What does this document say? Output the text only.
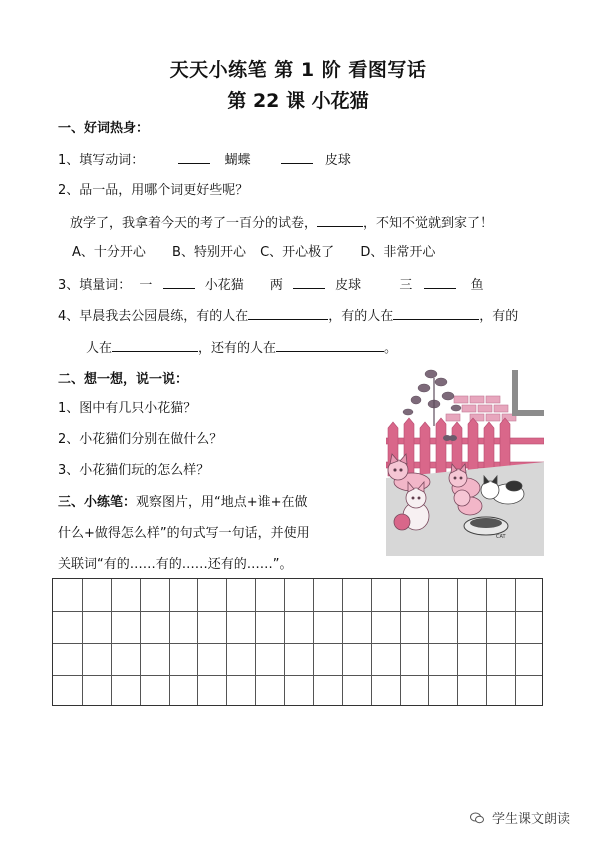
天天小练笔 第 1 阶 看图写话
第 22 课 小花猫
一、好词热身：
1、填写动词：	蝴蝶	皮球
2、品一品，用哪个词更好些呢？
放学了，我拿着今天的考了一百分的试卷，	，不知不觉就到家了！
A、十分开心 B、特别开心 C、开心极了 D、非常开心
3、填量词： 一	小花猫 两	皮球	三	鱼
4、早晨我去公园晨练，有的人在	，有的人在	，有的
人在	，还有的人在	。
二、想一想，说一说：
1、图中有几只小花猫？
2、小花猫们分别在做什么？
3、小花猫们玩的怎么样？
三、小练笔：观察图片，用“地点+谁+在做
什么+做得怎么样”的句式写一句话，并使用
关联词“有的……有的……还有的……”。
CAT
学生课文朗读
